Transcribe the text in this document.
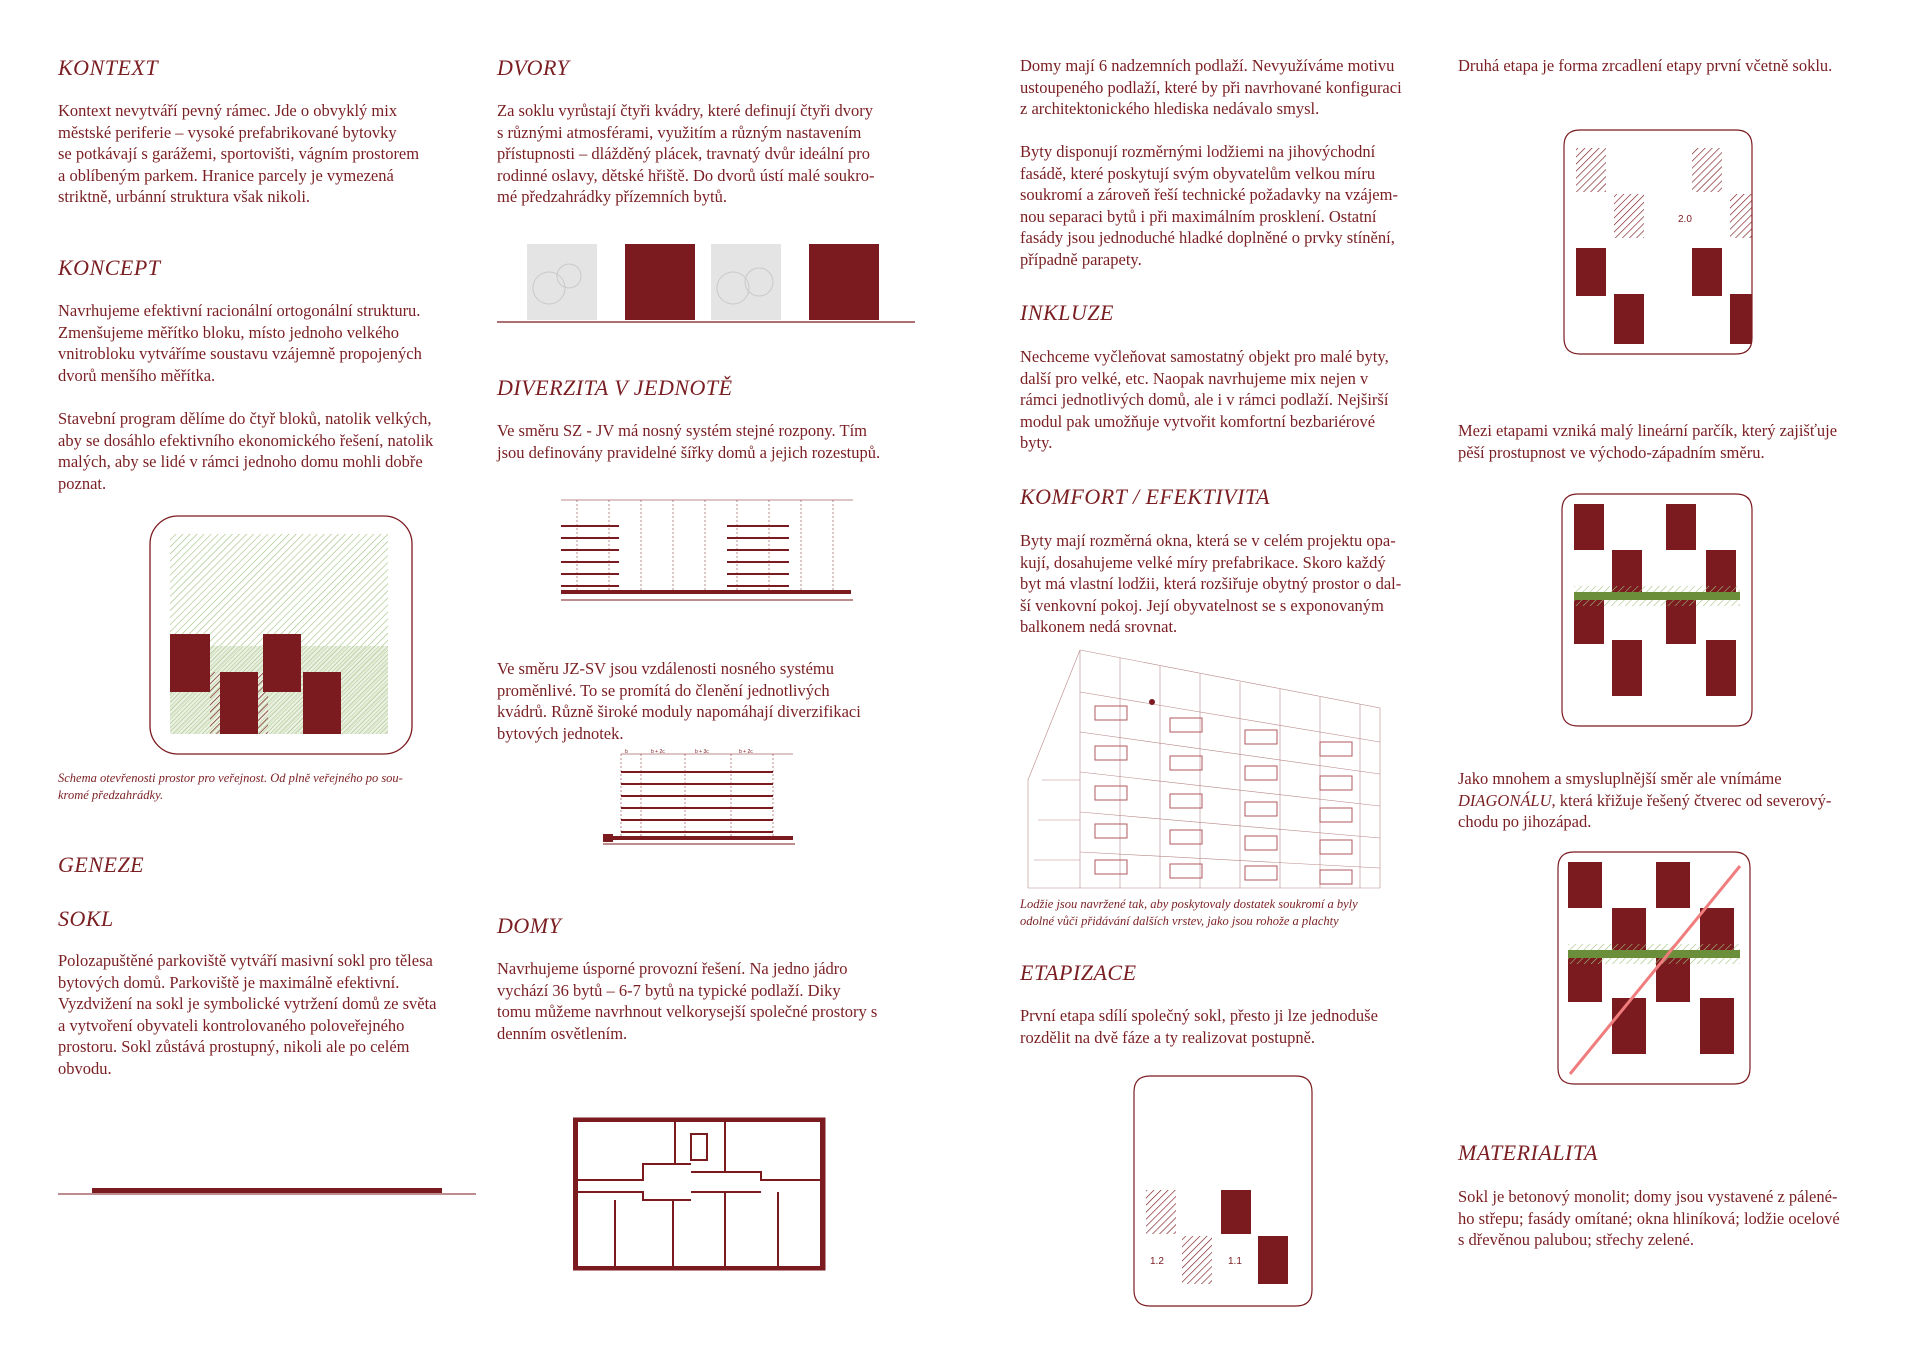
KONTEXT

Kontext nevytváří pevný rámec. Jde o obvyklý mix
městské periferie – vysoké prefabrikované bytovky
se potkávají s garážemi, sportovišti, vágním prostorem
a oblíbeným parkem. Hranice parcely je vymezená
striktně, urbánní struktura však nikoli.

KONCEPT

Navrhujeme efektivní racionální ortogonální strukturu.
Zmenšujeme měřítko bloku, místo jednoho velkého
vnitrobloku vytváříme soustavu vzájemně propojených
dvorů menšího měřítka.

Stavební program dělíme do čtyř bloků, natolik velkých,
aby se dosáhlo efektivního ekonomického řešení, natolik
malých, aby se lidé v rámci jednoho domu mohli dobře
poznat.

Schema otevřenosti prostor pro veřejnost. Od plně veřejného po sou-
kromé předzahrádky.

GENEZE
SOKL

Polozapuštěné parkoviště vytváří masivní sokl pro tělesa
bytových domů. Parkoviště je maximálně efektivní.
Vyzdvižení na sokl je symbolické vytržení domů ze světa
a vytvoření obyvateli kontrolovaného poloveřejného
prostoru. Sokl zůstává prostupný, nikoli ale po celém
obvodu.

DVORY

Za soklu vyrůstají čtyři kvádry, které definují čtyři dvory
s různými atmosférami, využitím a různým nastavením
přístupnosti – dlážděný plácek, travnatý dvůr ideální pro
rodinné oslavy, dětské hřiště. Do dvorů ústí malé soukro-
mé předzahrádky přízemních bytů.

DIVERZITA V JEDNOTĚ

Ve směru SZ - JV má nosný systém stejné rozpony. Tím
jsou definovány pravidelné šířky domů a jejich rozestupů.

Ve směru JZ-SV jsou vzdálenosti nosného systému
proměnlivé. To se promítá do členění jednotlivých
kvádrů. Různě široké moduly napomáhají diverzifikaci
bytových jednotek.

b	b + 2c	b + 3c	b + 2c
DOMY

Navrhujeme úsporné provozní řešení. Na jedno jádro
vychází 36 bytů – 6-7 bytů na typické podlaží. Diky
tomu můžeme navrhnout velkorysejší společné prostory s
denním osvětlením.

Domy mají 6 nadzemních podlaží. Nevyužíváme motivu
ustoupeného podlaží, které by při navrhované konfiguraci
z architektonického hlediska nedávalo smysl.

Byty disponují rozměrnými lodžiemi na jihovýchodní
fasádě, které poskytují svým obyvatelům velkou míru
soukromí a zároveň řeší technické požadavky na vzájem-
nou separaci bytů i při maximálním prosklení. Ostatní
fasády jsou jednoduché hladké doplněné o prvky stínění,
případně parapety.

INKLUZE

Nechceme vyčleňovat samostatný objekt pro malé byty,
další pro velké, etc. Naopak navrhujeme mix nejen v
rámci jednotlivých domů, ale i v rámci podlaží. Nejširší
modul pak umožňuje vytvořit komfortní bezbariérové
byty.

KOMFORT / EFEKTIVITA

Byty mají rozměrná okna, která se v celém projektu opa-
kují, dosahujeme velké míry prefabrikace. Skoro každý
byt má vlastní lodžii, která rozšiřuje obytný prostor o dal-
ší venkovní pokoj. Její obyvatelnost se s exponovaným
balkonem nedá srovnat.

Lodžie jsou navržené tak, aby poskytovaly dostatek soukromí a byly
odolné vůči přidávání dalších vrstev, jako jsou rohože a plachty

ETAPIZACE

První etapa sdílí společný sokl, přesto ji lze jednoduše
rozdělit na dvě fáze a ty realizovat postupně.

1.2	1.1

Druhá etapa je forma zrcadlení etapy první včetně soklu.

2.0

Mezi etapami vzniká malý lineární parčík, který zajišťuje
pěší prostupnost ve východo-západním směru.

Jako mnohem a smysluplnější směr ale vnímáme
DIAGONÁLU, která křižuje řešený čtverec od severový-
chodu po jihozápad.

MATERIALITA

Sokl je betonový monolit; domy jsou vystavené z pálené-
ho střepu; fasády omítané; okna hliníková; lodžie ocelové
s dřevěnou palubou; střechy zelené.
